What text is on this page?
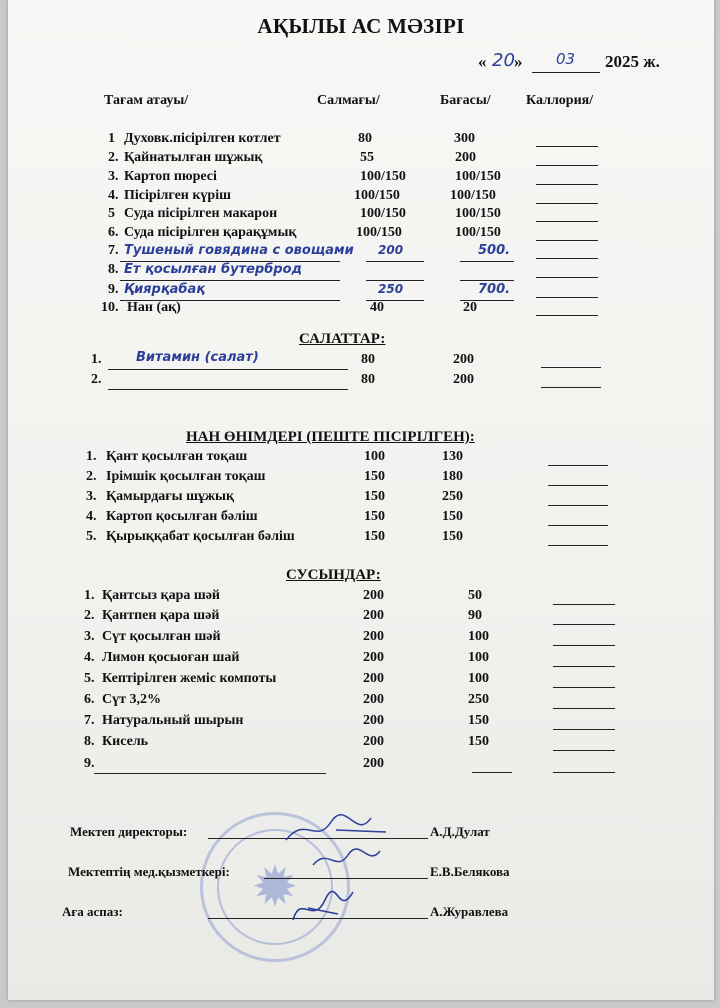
АҚЫЛЫ АС МӘЗІРІ
« 20 » 03 2025 ж.
Тағам атауы/	Салмағы/	Бағасы/	Каллория/
1 Духовк.пісірілген котлет	80	300
2. Қайнатылған шұжық	55	200
3. Картоп пюресі	100/150	100/150
4. Пісірілген күріш	100/150	100/150
5 Суда пісірілген макарон	100/150	100/150
6. Суда пісірілген қарақұмық	100/150	100/150
7. Тушеный говядина с овощами 200	500.
8. Ет қосылған бутерброд
9. Қиярқабақ	250	700.
10. Нан (ақ)	40	20
САЛАТТАР:
1.	Витамин (салат)	80	200
2.	80	200
НАН ӨНІМДЕРІ (ПЕШТЕ ПІСІРІЛГЕН):
1. Қант қосылған тоқаш	100	130
2. Ірімшік қосылған тоқаш	150	180
3. Қамырдағы шұжық	150	250
4. Картоп қосылған бәліш	150	150
5. Қырыққабат қосылған бәліш	150	150
СУСЫНДАР:
1. Қантсыз қара шәй	200	50
2. Қантпен қара шәй	200	90
3. Сүт қосылған шәй	200	100
4. Лимон қосыоған шай	200	100
5. Кептірілген жеміс компоты	200	100
6. Сүт 3,2%	200	250
7. Натуральный шырын	200	150
8. Кисель	200	150
9.	200
✹
Мектеп директоры:	А.Д.Дулат
Мектептің мед.қызметкері:	Е.В.Белякова
Аға аспаз:	А.Журавлева
